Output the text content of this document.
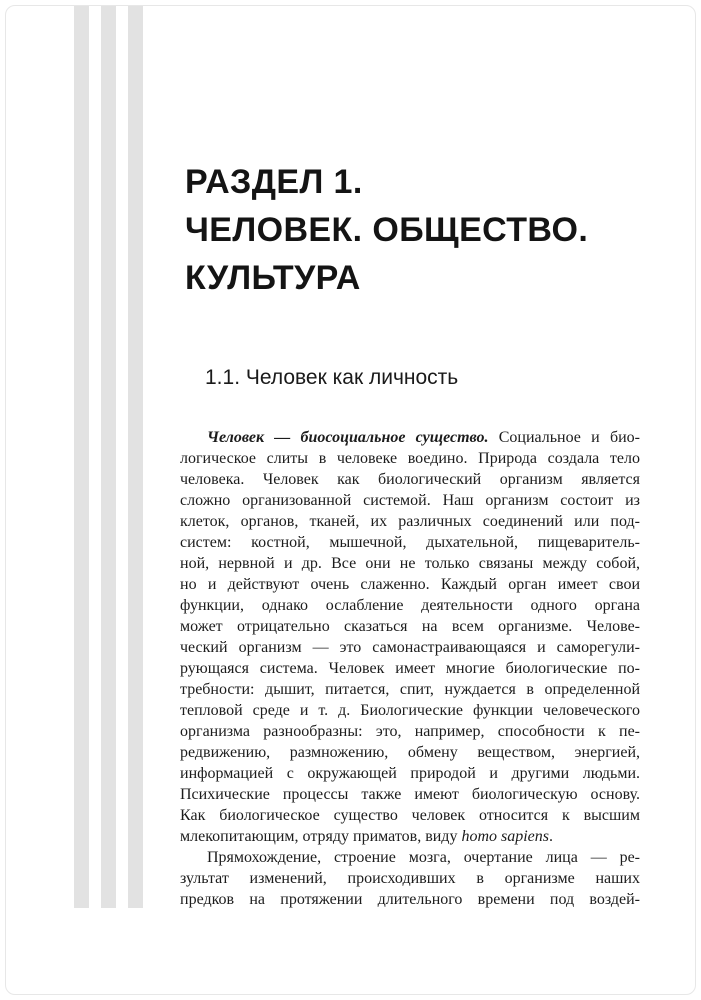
РАЗДЕЛ 1.
ЧЕЛОВЕК. ОБЩЕСТВО.
КУЛЬТУРА
1.1. Человек как личность
Человек — биосоциальное существо. Социальное и био-
логическое слиты в человеке воедино. Природа создала тело
человека. Человек как биологический организм является
сложно организованной системой. Наш организм состоит из
клеток, органов, тканей, их различных соединений или под-
систем: костной, мышечной, дыхательной, пищеваритель-
ной, нервной и др. Все они не только связаны между собой,
но и действуют очень слаженно. Каждый орган имеет свои
функции, однако ослабление деятельности одного органа
может отрицательно сказаться на всем организме. Челове-
ческий организм — это самонастраивающаяся и саморегули-
рующаяся система. Человек имеет многие биологические по-
требности: дышит, питается, спит, нуждается в определенной
тепловой среде и т. д. Биологические функции человеческого
организма разнообразны: это, например, способности к пе-
редвижению, размножению, обмену веществом, энергией,
информацией с окружающей природой и другими людьми.
Психические процессы также имеют биологическую основу.
Как биологическое существо человек относится к высшим
млекопитающим, отряду приматов, виду homo sapiens.
Прямохождение, строение мозга, очертание лица — ре-
зультат изменений, происходивших в организме наших
предков на протяжении длительного времени под воздей-
